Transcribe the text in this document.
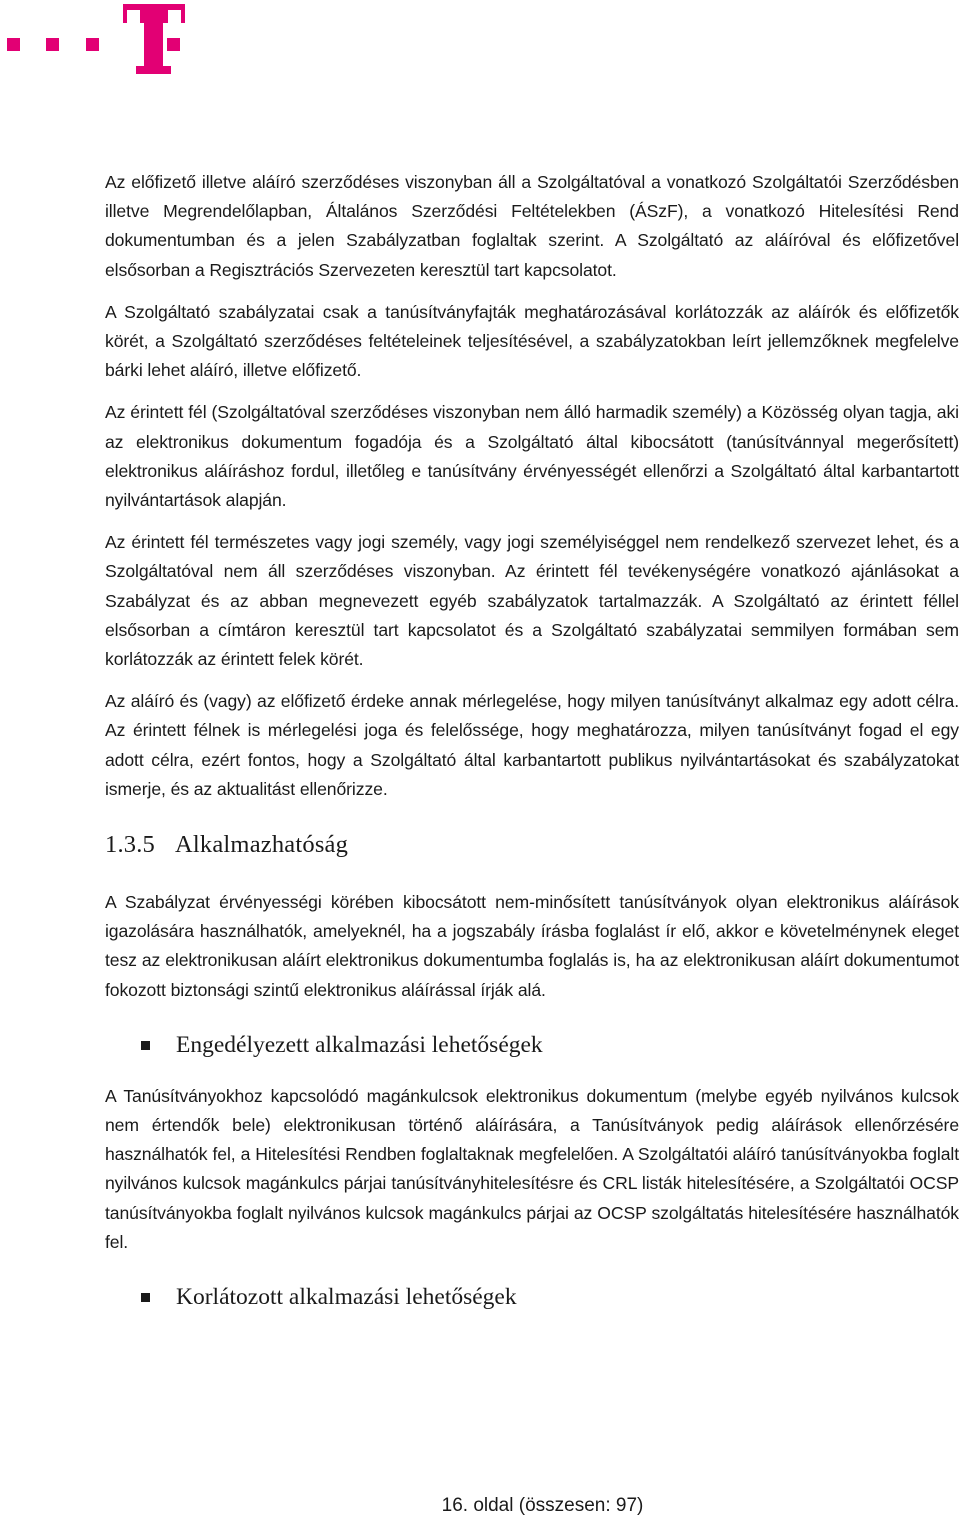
Az előfizető illetve aláíró szerződéses viszonyban áll a Szolgáltatóval a vonatkozó Szolgáltatói Szerződésben illetve Megrendelőlapban, Általános Szerződési Feltételekben (ÁSzF), a vonatkozó Hitelesítési Rend dokumentumban és a jelen Szabályzatban foglaltak szerint. A Szolgáltató az aláíróval és előfizetővel elsősorban a Regisztrációs Szervezeten keresztül tart kapcsolatot.

A Szolgáltató szabályzatai csak a tanúsítványfajták meghatározásával korlátozzák az aláírók és előfizetők körét, a Szolgáltató szerződéses feltételeinek teljesítésével, a szabályzatokban leírt jellemzőknek megfelelve bárki lehet aláíró, illetve előfizető.

Az érintett fél (Szolgáltatóval szerződéses viszonyban nem álló harmadik személy) a Közösség olyan tagja, aki az elektronikus dokumentum fogadója és a Szolgáltató által kibocsátott (tanúsítvánnyal megerősített) elektronikus aláíráshoz fordul, illetőleg e tanúsítvány érvényességét ellenőrzi a Szolgáltató által karbantartott nyilvántartások alapján.

Az érintett fél természetes vagy jogi személy, vagy jogi személyiséggel nem rendelkező szervezet lehet, és a Szolgáltatóval nem áll szerződéses viszonyban. Az érintett fél tevékenységére vonatkozó ajánlásokat a Szabályzat és az abban megnevezett egyéb szabályzatok tartalmazzák. A Szolgáltató az érintett féllel elsősorban a címtáron keresztül tart kapcsolatot és a Szolgáltató szabályzatai semmilyen formában sem korlátozzák az érintett felek körét.

Az aláíró és (vagy) az előfizető érdeke annak mérlegelése, hogy milyen tanúsítványt alkalmaz egy adott célra. Az érintett félnek is mérlegelési joga és felelőssége, hogy meghatározza, milyen tanúsítványt fogad el egy adott célra, ezért fontos, hogy a Szolgáltató által karbantartott publikus nyilvántartásokat és szabályzatokat ismerje, és az aktualitást ellenőrizze.

1.3.5 Alkalmazhatóság

A Szabályzat érvényességi körében kibocsátott nem-minősített tanúsítványok olyan elektronikus aláírások igazolására használhatók, amelyeknél, ha a jogszabály írásba foglalást ír elő, akkor e követelménynek eleget tesz az elektronikusan aláírt elektronikus dokumentumba foglalás is, ha az elektronikusan aláírt dokumentumot fokozott biztonsági szintű elektronikus aláírással írják alá.

Engedélyezett alkalmazási lehetőségek

A Tanúsítványokhoz kapcsolódó magánkulcsok elektronikus dokumentum (melybe egyéb nyilvános kulcsok nem értendők bele) elektronikusan történő aláírására, a Tanúsítványok pedig aláírások ellenőrzésére használhatók fel, a Hitelesítési Rendben foglaltaknak megfelelően. A Szolgáltatói aláíró tanúsítványokba foglalt nyilvános kulcsok magánkulcs párjai tanúsítványhitelesítésre és CRL listák hitelesítésére, a Szolgáltatói OCSP tanúsítványokba foglalt nyilvános kulcsok magánkulcs párjai az OCSP szolgáltatás hitelesítésére használhatók fel.

Korlátozott alkalmazási lehetőségek
16. oldal (összesen: 97)
